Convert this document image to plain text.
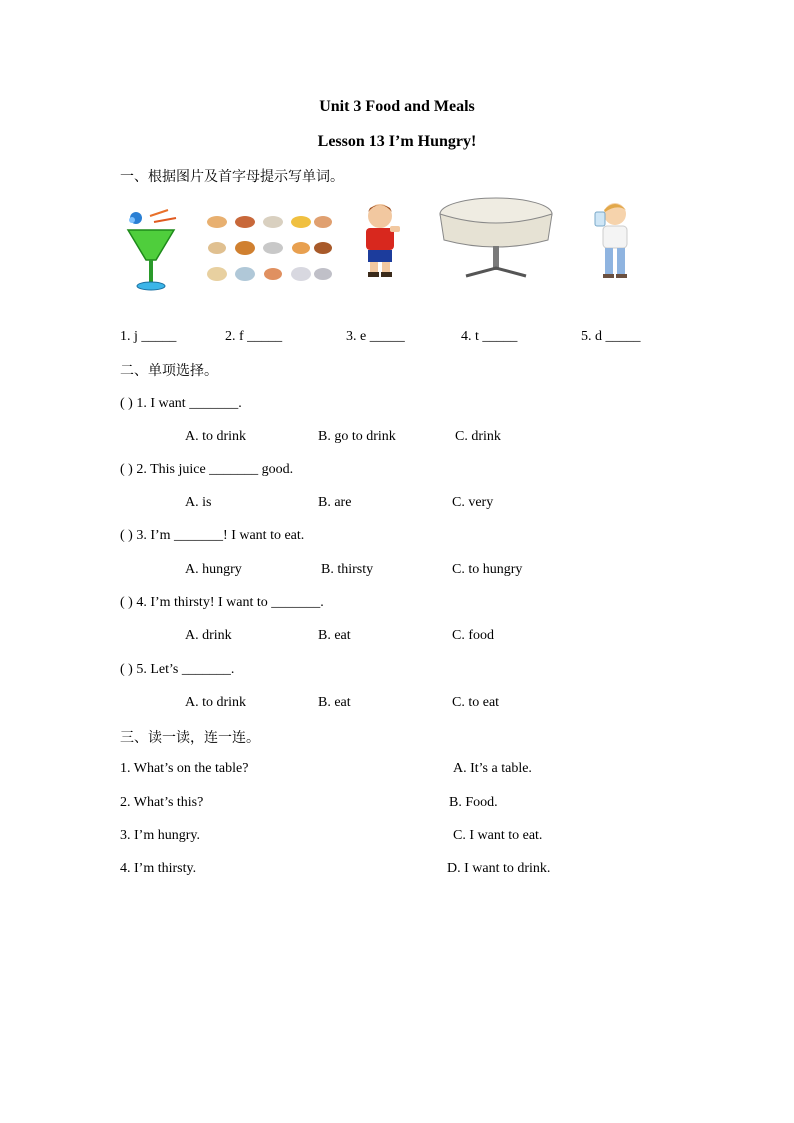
Unit 3 Food and Meals
Lesson 13 I’m Hungry!
一、根据图片及首字母提示写单词。
1. j _____	2. f _____	3. e _____	4. t _____	5. d _____
二、单项选择。
( ) 1. I want _______.
A. to drink	B. go to drink	C. drink
( ) 2. This juice _______ good.
A. is	B. are	C. very
( ) 3. I’m _______! I want to eat.
A. hungry	B. thirsty	C. to hungry
( ) 4. I’m thirsty! I want to _______.
A. drink	B. eat	C. food
( ) 5. Let’s _______.
A. to drink	B. eat	C. to eat
三、读一读，连一连。
1. What’s on the table?	A. It’s a table.
2. What’s this?	B. Food.
3. I’m hungry.	C. I want to eat.
4. I’m thirsty.	D. I want to drink.
